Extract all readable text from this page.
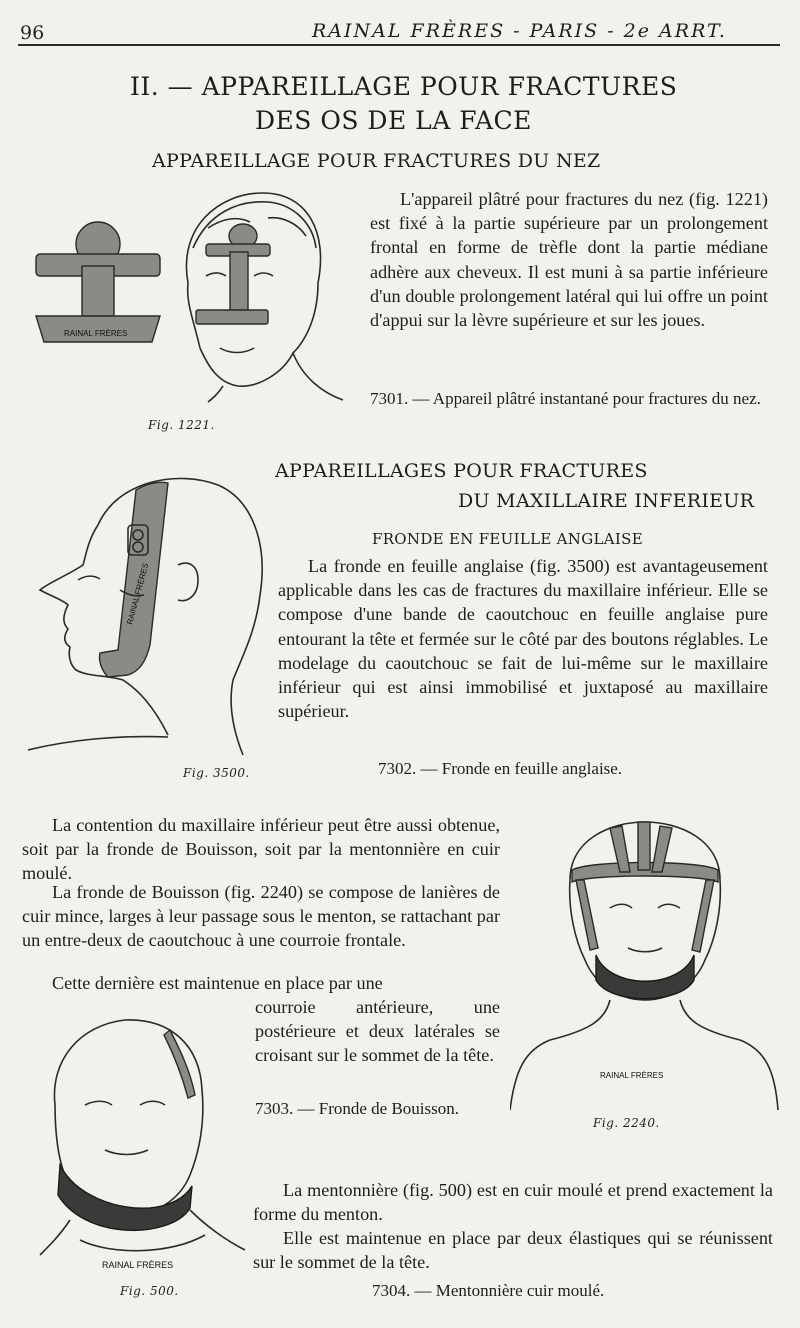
96	RAINAL FRÈRES - PARIS - 2e ARRT.
II. — APPAREILLAGE POUR FRACTURES
DES OS DE LA FACE
APPAREILLAGE POUR FRACTURES DU NEZ
RAINAL FRÈRES
Fig. 1221.
L'appareil plâtré pour fractures du nez (fig. 1221) est fixé à la partie supérieure par un prolongement frontal en forme de trèfle dont la partie médiane adhère aux cheveux. Il est muni à sa partie inférieure d'un double prolongement latéral qui lui offre un point d'appui sur la lèvre supérieure et sur les joues.
7301. — Appareil plâtré instantané pour fractures du nez.
APPAREILLAGES POUR FRACTURES
DU MAXILLAIRE INFERIEUR
FRONDE EN FEUILLE ANGLAISE
RAINAL FRÈRES
Fig. 3500.
La fronde en feuille anglaise (fig. 3500) est avantageusement applicable dans les cas de fractures du maxillaire inférieur. Elle se compose d'une bande de caoutchouc en feuille anglaise pure entourant la tête et fermée sur le côté par des boutons réglables. Le modelage du caoutchouc se fait de lui-même sur le maxillaire inférieur qui est ainsi immobilisé et juxtaposé au maxillaire supérieur.
7302. — Fronde en feuille anglaise.
La contention du maxillaire inférieur peut être aussi obtenue, soit par la fronde de Bouisson, soit par la mentonnière en cuir moulé.
La fronde de Bouisson (fig. 2240) se compose de lanières de cuir mince, larges à leur passage sous le menton, se rattachant par un entre-deux de caoutchouc à une courroie frontale.
Cette dernière est maintenue en place par une
courroie antérieure, une postérieure et deux latérales se croisant sur le sommet de la tête.
7303. — Fronde de Bouisson.
RAINAL FRÈRES
Fig. 2240.
RAINAL FRÈRES
Fig. 500.
La mentonnière (fig. 500) est en cuir moulé et prend exactement la forme du menton.
Elle est maintenue en place par deux élastiques qui se réunissent sur le sommet de la tête.
7304. — Mentonnière cuir moulé.
